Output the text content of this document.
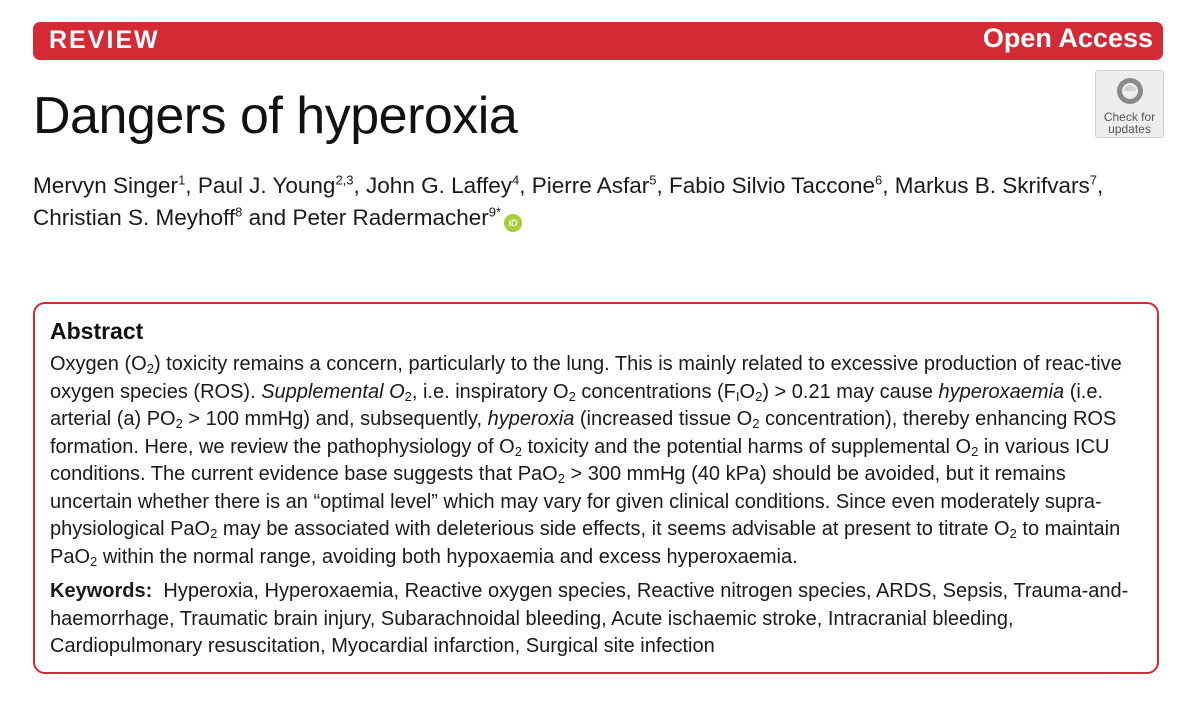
REVIEW	Open Access
Dangers of hyperoxia	Check for
updates
Mervyn Singer$^1$, Paul J. Young$^{2,3}$, John G. Laffey$^4$, Pierre Asfar$^5$, Fabio Silvio Taccone$^6$, Markus B. Skrifvars$^7$,
Christian S. Meyhoff$^8$ and Peter Radermacher$^{9*}$iD
Abstract

Oxygen $(O_2)$ toxicity remains a concern, particularly to the lung. This is mainly related to excessive production of reac-tive oxygen species (ROS). Supplemental $O_2$, i.e. inspiratory $O_2$ concentrations $(F_IO_2) > 0.21$ may cause hyperoxaemia (i.e. arterial (a) $PO_2 > 100$ mmHg) and, subsequently, hyperoxia (increased tissue $O_2$ concentration), thereby enhancing ROS formation. Here, we review the pathophysiology of $O_2$ toxicity and the potential harms of supplemental $O_2$ in various ICU conditions. The current evidence base suggests that PaO$_2$ > 300 mmHg (40 kPa) should be avoided, but it remains uncertain whether there is an “optimal level” which may vary for given clinical conditions. Since even moderately supra-physiological PaO$_2$ may be associated with deleterious side effects, it seems advisable at present to titrate $O_2$ to maintain PaO$_2$ within the normal range, avoiding both hypoxaemia and excess hyperoxaemia.

Keywords: Hyperoxia, Hyperoxaemia, Reactive oxygen species, Reactive nitrogen species, ARDS, Sepsis, Trauma-and-haemorrhage, Traumatic brain injury, Subarachnoidal bleeding, Acute ischaemic stroke, Intracranial bleeding, Cardiopulmonary resuscitation, Myocardial infarction, Surgical site infection
